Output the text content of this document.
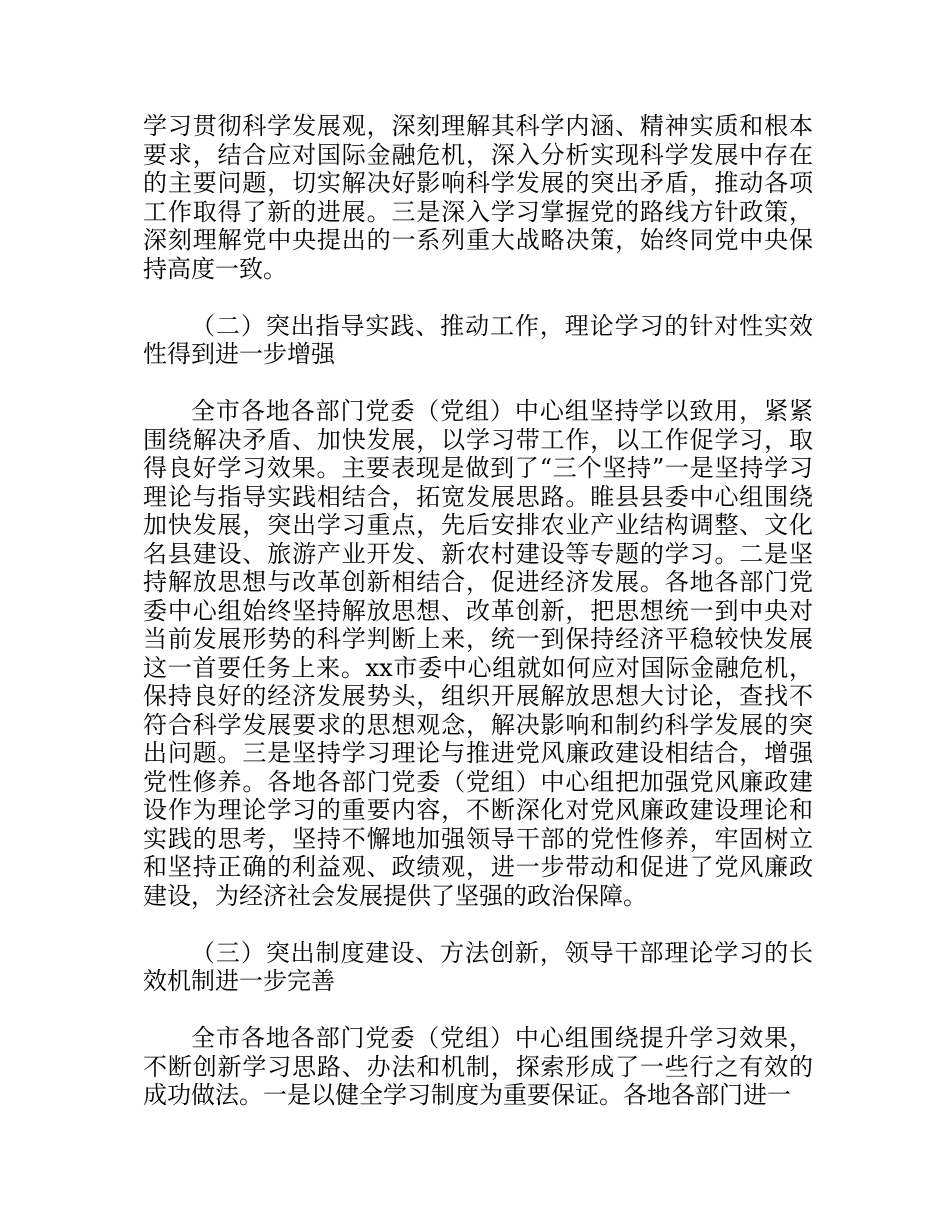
学习贯彻科学发展观，深刻理解其科学内涵、精神实质和根本要求，结合应对国际金融危机，深入分析实现科学发展中存在的主要问题，切实解决好影响科学发展的突出矛盾，推动各项工作取得了新的进展。三是深入学习掌握党的路线方针政策，深刻理解党中央提出的一系列重大战略决策，始终同党中央保持高度一致。

（二）突出指导实践、推动工作，理论学习的针对性实效性得到进一步增强

全市各地各部门党委（党组）中心组坚持学以致用，紧紧围绕解决矛盾、加快发展，以学习带工作，以工作促学习，取得良好学习效果。主要表现是做到了“三个坚持”一是坚持学习理论与指导实践相结合，拓宽发展思路。睢县县委中心组围绕加快发展，突出学习重点，先后安排农业产业结构调整、文化名县建设、旅游产业开发、新农村建设等专题的学习。二是坚持解放思想与改革创新相结合，促进经济发展。各地各部门党委中心组始终坚持解放思想、改革创新，把思想统一到中央对当前发展形势的科学判断上来，统一到保持经济平稳较快发展这一首要任务上来。xx市委中心组就如何应对国际金融危机，保持良好的经济发展势头，组织开展解放思想大讨论，查找不符合科学发展要求的思想观念，解决影响和制约科学发展的突出问题。三是坚持学习理论与推进党风廉政建设相结合，增强党性修养。各地各部门党委（党组）中心组把加强党风廉政建设作为理论学习的重要内容，不断深化对党风廉政建设理论和实践的思考，坚持不懈地加强领导干部的党性修养，牢固树立和坚持正确的利益观、政绩观，进一步带动和促进了党风廉政建设，为经济社会发展提供了坚强的政治保障。

（三）突出制度建设、方法创新，领导干部理论学习的长效机制进一步完善

全市各地各部门党委（党组）中心组围绕提升学习效果，不断创新学习思路、办法和机制，探索形成了一些行之有效的成功做法。一是以健全学习制度为重要保证。各地各部门进一
